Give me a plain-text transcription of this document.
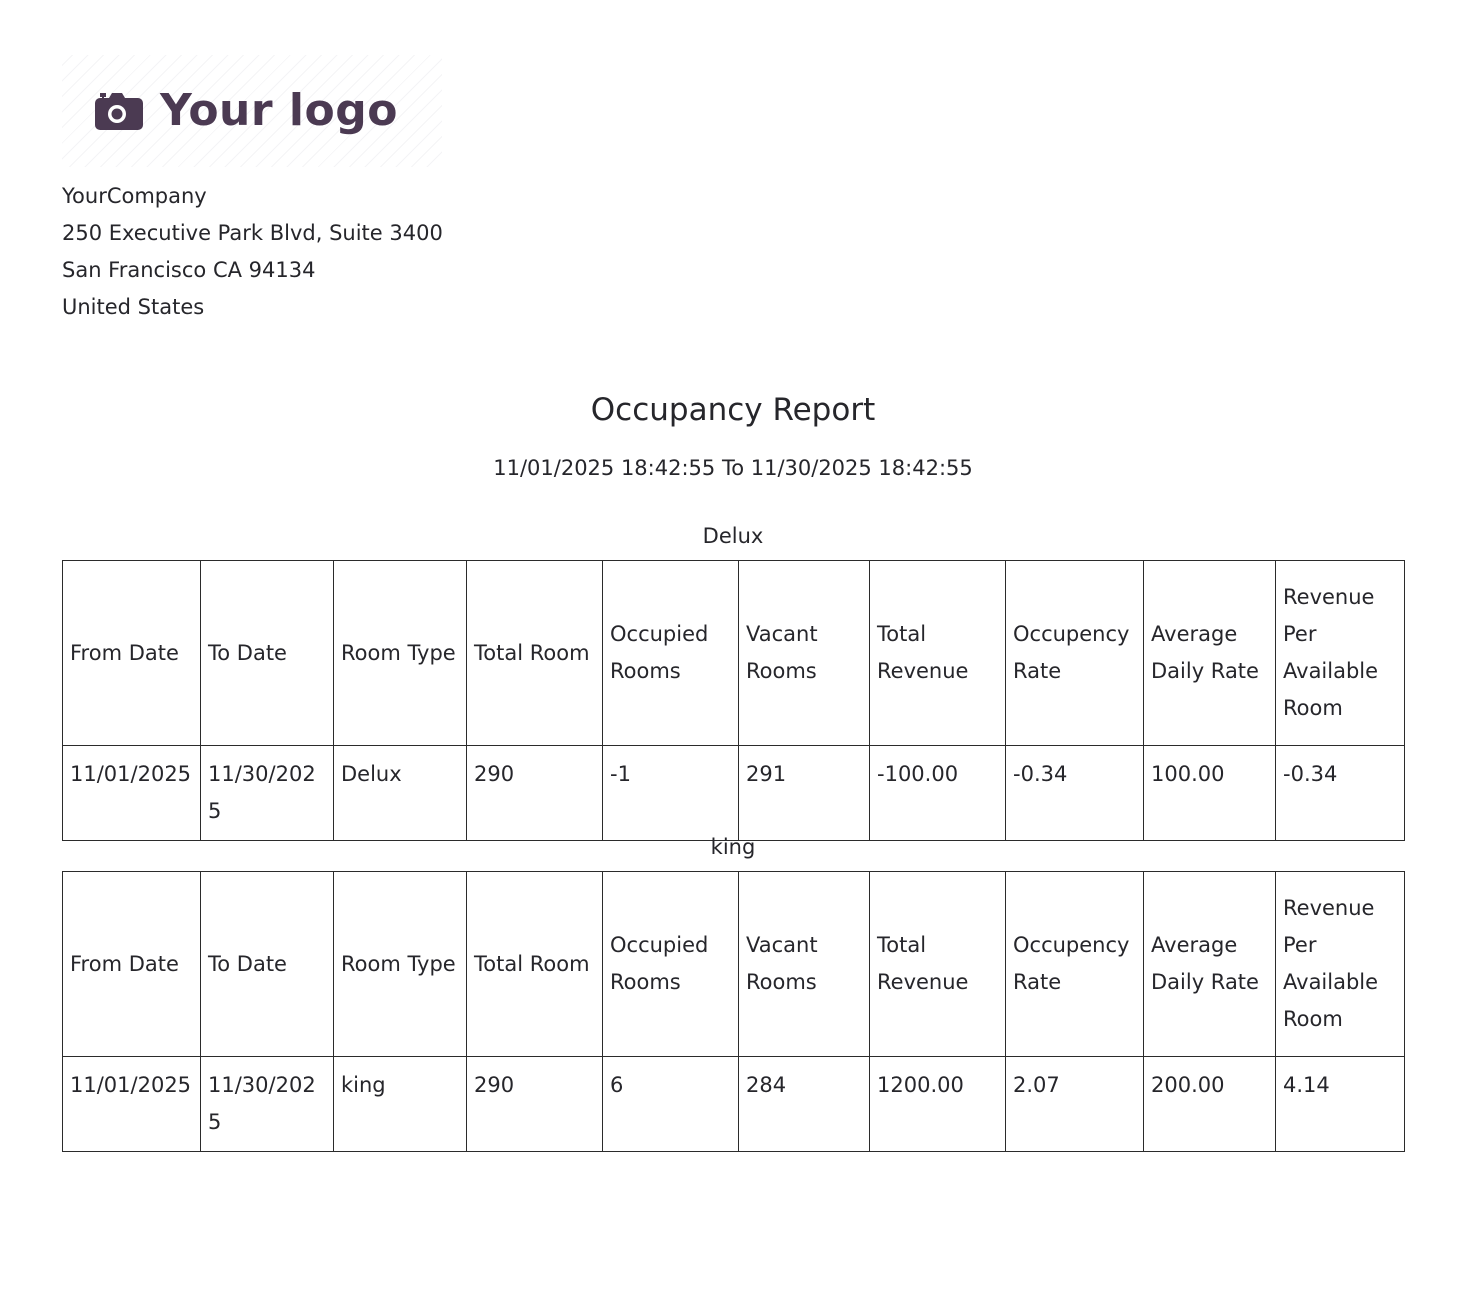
Your logo
YourCompany
250 Executive Park Blvd, Suite 3400
San Francisco CA 94134
United States
Occupancy Report
11/01/2025 18:42:55 To 11/30/2025 18:42:55
Delux
From Date	To Date	Room Type	Total Room	Occupied Rooms	Vacant Rooms	Total Revenue	Occupency Rate	Average Daily Rate	Revenue Per Available Room
11/01/2025	11/30/2025	Delux	290	-1	291	-100.00	-0.34	100.00	-0.34
king
From Date	To Date	Room Type	Total Room	Occupied Rooms	Vacant Rooms	Total Revenue	Occupency Rate	Average Daily Rate	Revenue Per Available Room
11/01/2025	11/30/2025	king	290	6	284	1200.00	2.07	200.00	4.14
